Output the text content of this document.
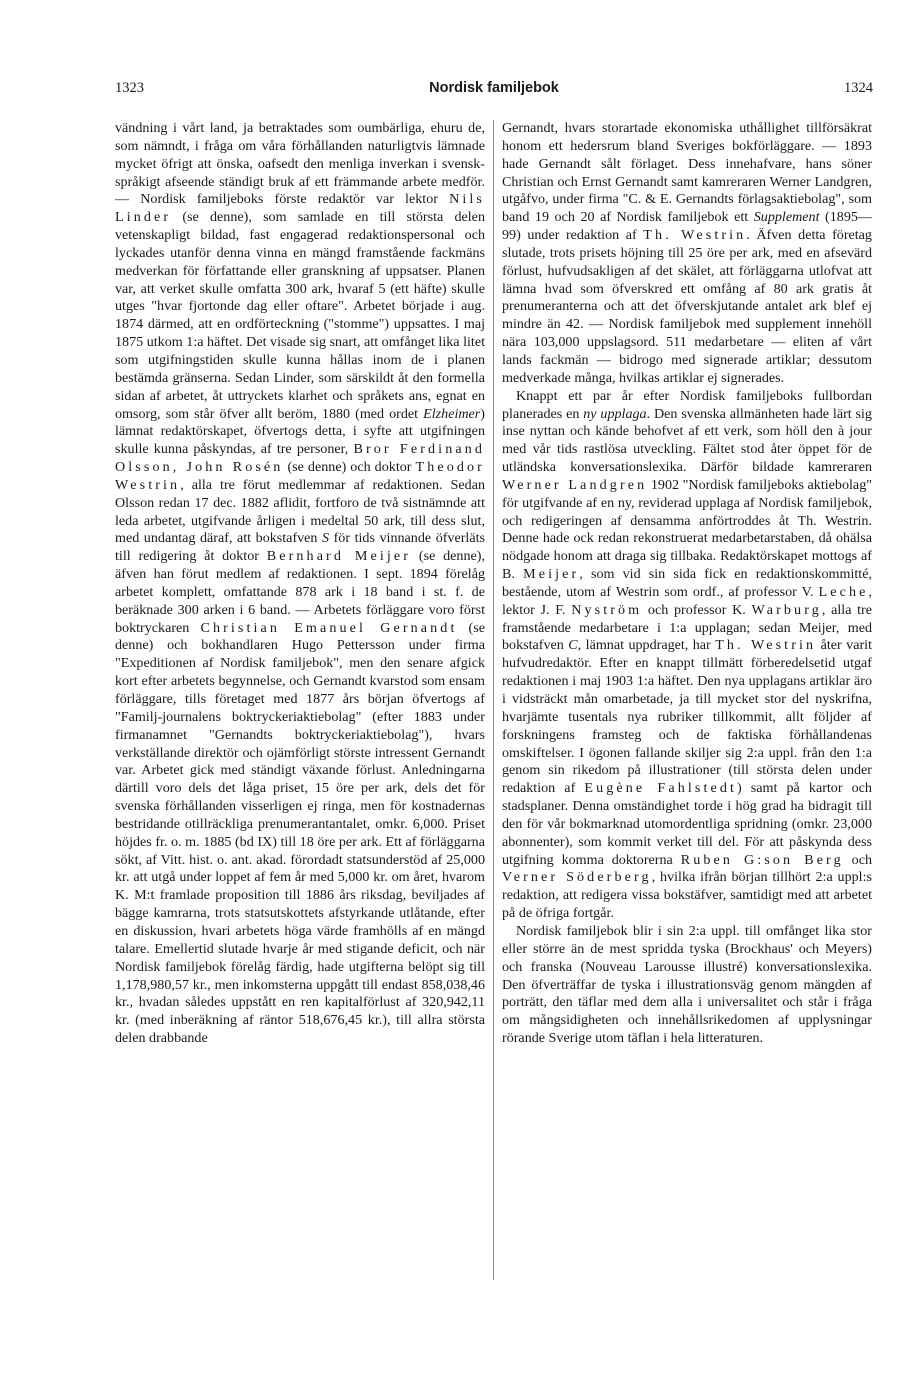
1323	Nordisk familjebok	1324

vändning i vårt land, ja betraktades som oumbärliga, ehuru de, som nämndt, i fråga om våra förhållanden naturligtvis lämnade mycket öfrigt att önska, oafsedt den menliga inverkan i svensk-språkigt afseende ständigt bruk af ett främmande arbete medför. — Nordisk familjeboks förste redaktör var lektor Nils Linder (se denne), som samlade en till största delen vetenskapligt bildad, fast engagerad redaktionspersonal och lyckades utanför denna vinna en mängd framstående fackmäns medverkan för författande eller granskning af uppsatser. Planen var, att verket skulle omfatta 300 ark, hvaraf 5 (ett häfte) skulle utges "hvar fjortonde dag eller oftare". Arbetet började i aug. 1874 därmed, att en ordförteckning ("stomme") uppsattes. I maj 1875 utkom 1:a häftet. Det visade sig snart, att omfånget lika litet som utgifningstiden skulle kunna hållas inom de i planen bestämda gränserna. Sedan Linder, som särskildt åt den formella sidan af arbetet, åt uttryckets klarhet och språkets ans, egnat en omsorg, som står öfver allt beröm, 1880 (med ordet Elzheimer) lämnat redaktörskapet, öfvertogs detta, i syfte att utgifningen skulle kunna påskyndas, af tre personer, Bror Ferdinand Olsson, John Rosén (se denne) och doktor Theodor Westrin, alla tre förut medlemmar af redaktionen. Sedan Olsson redan 17 dec. 1882 aflidit, fortforo de två sistnämnde att leda arbetet, utgifvande årligen i medeltal 50 ark, till dess slut, med undantag däraf, att bokstafven S för tids vinnande öfverläts till redigering åt doktor Bernhard Meijer (se denne), äfven han förut medlem af redaktionen. I sept. 1894 förelåg arbetet komplett, omfattande 878 ark i 18 band i st. f. de beräknade 300 arken i 6 band. — Arbetets förläggare voro först boktryckaren Christian Emanuel Gernandt (se denne) och bokhandlaren Hugo Pettersson under firma "Expeditionen af Nordisk familjebok", men den senare afgick kort efter arbetets begynnelse, och Gernandt kvarstod som ensam förläggare, tills företaget med 1877 års början öfvertogs af "Familj-journalens boktryckeriaktiebolag" (efter 1883 under firmanamnet "Gernandts boktryckeriaktiebolag"), hvars verkställande direktör och ojämförligt störste intressent Gernandt var. Arbetet gick med ständigt växande förlust. Anledningarna därtill voro dels det låga priset, 15 öre per ark, dels det för svenska förhållanden visserligen ej ringa, men för kostnadernas bestridande otillräckliga prenumerantantalet, omkr. 6,000. Priset höjdes fr. o. m. 1885 (bd IX) till 18 öre per ark. Ett af förläggarna sökt, af Vitt. hist. o. ant. akad. förordadt statsunderstöd af 25,000 kr. att utgå under loppet af fem år med 5,000 kr. om året, hvarom K. M:t framlade proposition till 1886 års riksdag, beviljades af bägge kamrarna, trots statsutskottets afstyrkande utlåtande, efter en diskussion, hvari arbetets höga värde framhölls af en mängd talare. Emellertid slutade hvarje år med stigande deficit, och när Nordisk familjebok förelåg färdig, hade utgifterna belöpt sig till 1,178,980,57 kr., men inkomsterna uppgått till endast 858,038,46 kr., hvadan således uppstått en ren kapitalförlust af 320,942,11 kr. (med inberäkning af räntor 518,676,45 kr.), till allra största delen drabbande

Gernandt, hvars storartade ekonomiska uthållighet tillförsäkrat honom ett hedersrum bland Sveriges bokförläggare. — 1893 hade Gernandt sålt förlaget. Dess innehafvare, hans söner Christian och Ernst Gernandt samt kamreraren Werner Landgren, utgåfvo, under firma "C. & E. Gernandts förlagsaktiebolag", som band 19 och 20 af Nordisk familjebok ett Supplement (1895—99) under redaktion af Th. Westrin. Äfven detta företag slutade, trots prisets höjning till 25 öre per ark, med en afsevärd förlust, hufvudsakligen af det skälet, att förläggarna utlofvat att lämna hvad som öfverskred ett omfång af 80 ark gratis åt prenumeranterna och att det öfverskjutande antalet ark blef ej mindre än 42. — Nordisk familjebok med supplement innehöll nära 103,000 uppslagsord. 511 medarbetare — eliten af vårt lands fackmän — bidrogo med signerade artiklar; dessutom medverkade många, hvilkas artiklar ej signerades.

Knappt ett par år efter Nordisk familjeboks fullbordan planerades en ny upplaga. Den svenska allmänheten hade lärt sig inse nyttan och kände behofvet af ett verk, som höll den à jour med vår tids rastlösa utveckling. Fältet stod åter öppet för de utländska konversationslexika. Därför bildade kamreraren Werner Landgren 1902 "Nordisk familjeboks aktiebolag" för utgifvande af en ny, reviderad upplaga af Nordisk familjebok, och redigeringen af densamma anförtroddes åt Th. Westrin. Denne hade ock redan rekonstruerat medarbetarstaben, då ohälsa nödgade honom att draga sig tillbaka. Redaktörskapet mottogs af B. Meijer, som vid sin sida fick en redaktionskommitté, bestående, utom af Westrin som ordf., af professor V. Leche, lektor J. F. Nyström och professor K. Warburg, alla tre framstående medarbetare i 1:a upplagan; sedan Meijer, med bokstafven C, lämnat uppdraget, har Th. Westrin åter varit hufvudredaktör. Efter en knappt tillmätt förberedelsetid utgaf redaktionen i maj 1903 1:a häftet. Den nya upplagans artiklar äro i vidsträckt mån omarbetade, ja till mycket stor del nyskrifna, hvarjämte tusentals nya rubriker tillkommit, allt följder af forskningens framsteg och de faktiska förhållandenas omskiftelser. I ögonen fallande skiljer sig 2:a uppl. från den 1:a genom sin rikedom på illustrationer (till största delen under redaktion af Eugène Fahlstedt) samt på kartor och stadsplaner. Denna omständighet torde i hög grad ha bidragit till den för vår bokmarknad utomordentliga spridning (omkr. 23,000 abonnenter), som kommit verket till del. För att påskynda dess utgifning komma doktorerna Ruben G:son Berg och Verner Söderberg, hvilka ifrån början tillhört 2:a uppl:s redaktion, att redigera vissa bokstäfver, samtidigt med att arbetet på de öfriga fortgår.

Nordisk familjebok blir i sin 2:a uppl. till omfånget lika stor eller större än de mest spridda tyska (Brockhaus' och Meyers) och franska (Nouveau Larousse illustré) konversationslexika. Den öfverträffar de tyska i illustrationsväg genom mängden af porträtt, den täflar med dem alla i universalitet och står i fråga om mångsidigheten och innehållsrikedomen af upplysningar rörande Sverige utom täflan i hela litteraturen.
